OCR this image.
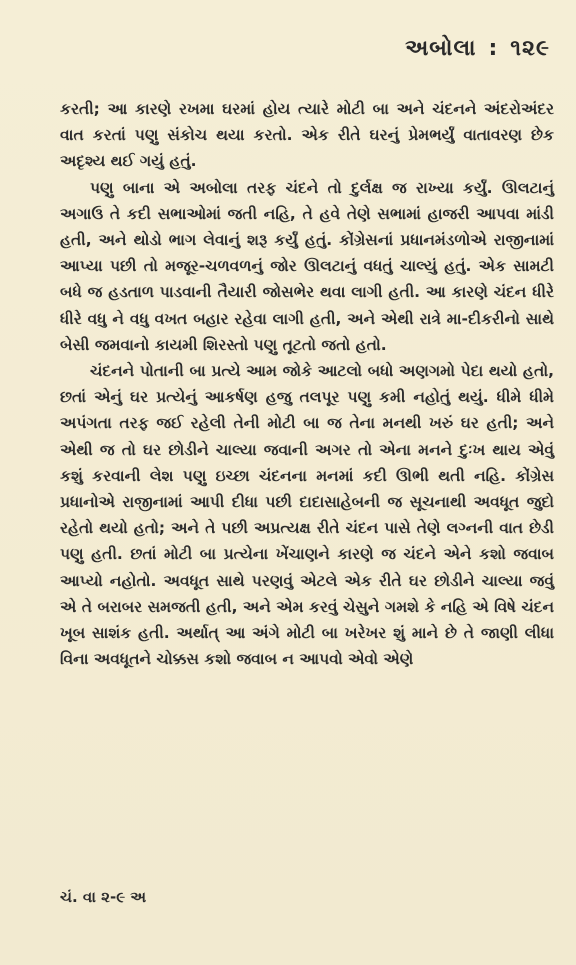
અબોલા : ૧૨૯

કરતી; આ કારણે રખમા ઘરમાં હોય ત્યારે મોટી બા અને ચંદનને અંદરોઅંદર વાત કરતાં પણુ સંકોચ થયા કરતો. એક રીતે ઘરનું પ્રેમભર્યું વાતાવરણ છેક અદૃશ્ય થઈ ગયું હતું.

પણુ બાના એ અબોલા તરફ ચંદને તો દુર્લક્ષ જ રાખ્યા કર્યું. ઊલટાનું અગાઉ તે કદી સભાઓમાં જતી નહિ, તે હવે તેણે સભામાં હાજરી આપવા માંડી હતી, અને થોડો ભાગ લેવાનું શરૂ કર્યું હતું. કોંગ્રેસનાં પ્રધાનમંડળોએ રાજીનામાં આપ્યા પછી તો મજૂર-ચળવળનું જોર ઊલટાનું વધતું ચાલ્યું હતું. એક સામટી બધે જ હડતાળ પાડવાની તૈયારી જોસભેર થવા લાગી હતી. આ કારણે ચંદન ધીરે ધીરે વધુ ને વધુ વખત બહાર રહેવા લાગી હતી, અને એથી રાત્રે મા-દીકરીનો સાથે બેસી જમવાનો કાયમી શિરસ્તો પણુ તૂટતો જતો હતો.

ચંદનને પોતાની બા પ્રત્યે આમ જોકે આટલો બધો અણગમો પેદા થયો હતો, છતાં એનું ઘર પ્રત્યેનું આકર્ષણ હજુ તલપૂર પણુ કમી નહોતું થયું. ધીમે ધીમે અપંગતા તરફ જઈ રહેલી તેની મોટી બા જ તેના મનથી ખરું ઘર હતી; અને એથી જ તો ઘર છોડીને ચાલ્યા જવાની અગર તો એના મનને દુઃખ થાય એવું કશું કરવાની લેશ પણુ ઇચ્છા ચંદનના મનમાં કદી ઊભી થતી નહિ. કોંગ્રેસ પ્રધાનોએ રાજીનામાં આપી દીધા પછી દાદાસાહેબની જ સૂચનાથી અવધૂત જુદો રહેતો થયો હતો; અને તે પછી અપ્રત્યક્ષ રીતે ચંદન પાસે તેણે લગ્નની વાત છેડી પણુ હતી. છતાં મોટી બા પ્રત્યેના ખેંચાણને કારણે જ ચંદને એને કશો જવાબ આપ્યો નહોતો. અવધૂત સાથે પરણવું એટલે એક રીતે ઘર છોડીને ચાલ્યા જવું એ તે બરાબર સમજતી હતી, અને એમ કરવું ચેસુને ગમશે કે નહિ એ વિષે ચંદન ખૂબ સાશંક હતી. અર્થાત્ આ અંગે મોટી બા ખરેખર શું માને છે તે જાણી લીધા વિના અવધૂતને ચોક્કસ કશો જવાબ ન આપવો એવો એણે

ચં. વા ૨-૯ અ
